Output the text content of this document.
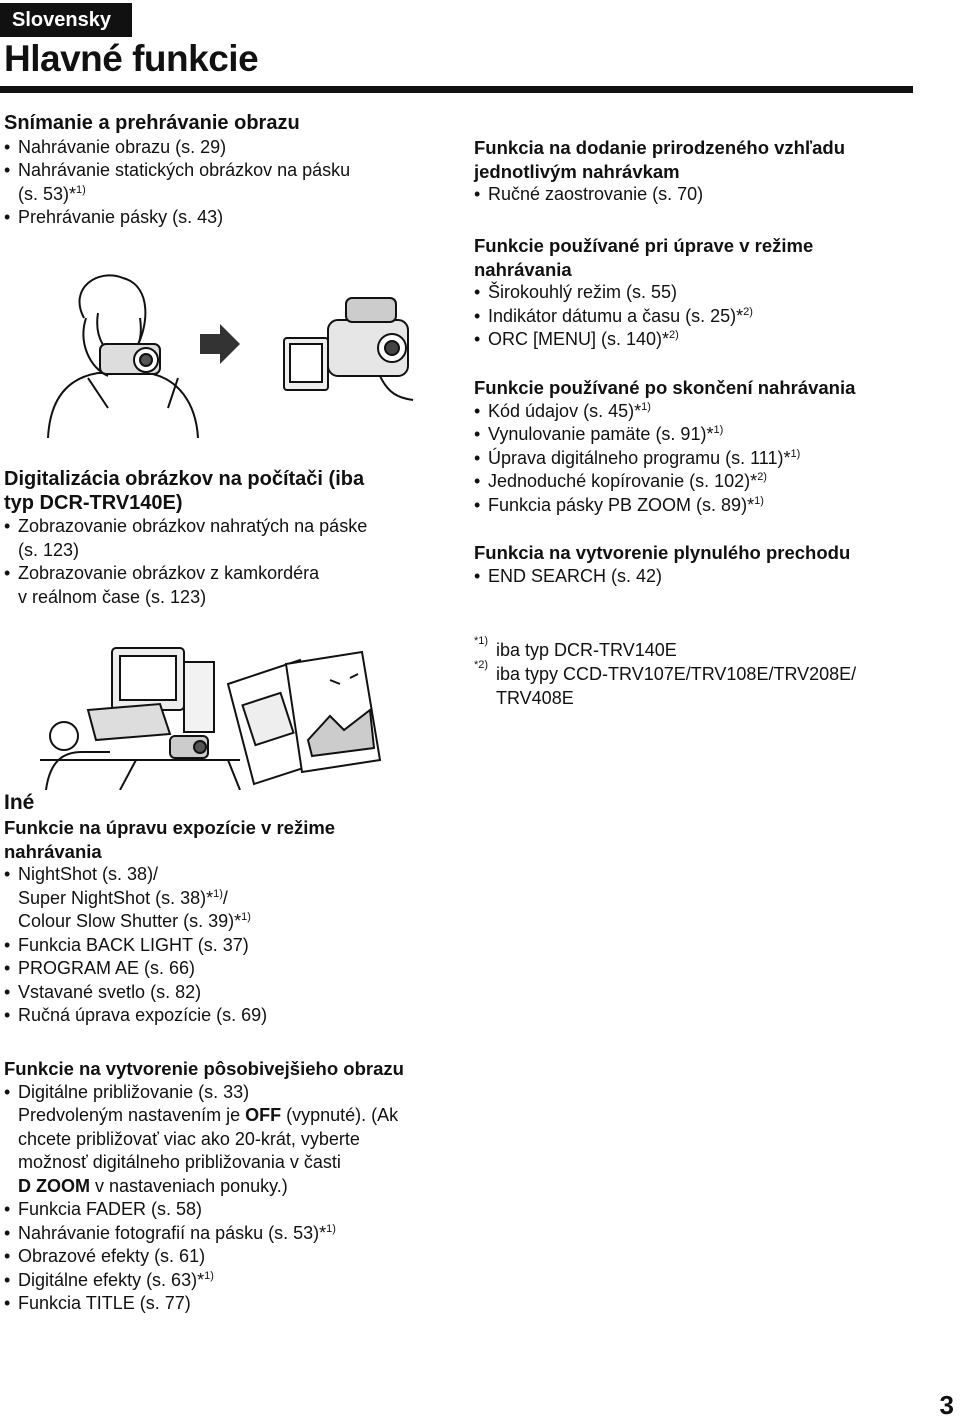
Slovensky
Hlavné funkcie
Snímanie a prehrávanie obrazu
• Nahrávanie obrazu (s. 29)
• Nahrávanie statických obrázkov na pásku
(s. 53)*$^{1)}$
• Prehrávanie pásky (s. 43)
Digitalizácia obrázkov na počítači (iba
typ DCR-TRV140E)
• Zobrazovanie obrázkov nahratých na páske
(s. 123)
• Zobrazovanie obrázkov z kamkordéra
v reálnom čase (s. 123)
Funkcia na dodanie prirodzeného vzhľadu
jednotlivým nahrávkam
• Ručné zaostrovanie (s. 70)
Funkcie používané pri úprave v režime
nahrávania
• Širokouhlý režim (s. 55)
• Indikátor dátumu a času (s. 25)*$^{2)}$
• ORC [MENU] (s. 140)*$^{2)}$
Funkcie používané po skončení nahrávania
• Kód údajov (s. 45)*$^{1)}$
• Vynulovanie pamäte (s. 91)*$^{1)}$
• Úprava digitálneho programu (s. 111)*$^{1)}$
• Jednoduché kopírovanie (s. 102)*$^{2)}$
• Funkcia pásky PB ZOOM (s. 89)*$^{1)}$
Funkcia na vytvorenie plynulého prechodu
• END SEARCH (s. 42)
*1) iba typ DCR-TRV140E
*2) iba typy CCD-TRV107E/TRV108E/TRV208E/
TRV408E
Iné
Funkcie na úpravu expozície v režime
nahrávania
• NightShot (s. 38)/
Super NightShot (s. 38)*$^{1)}$/
Colour Slow Shutter (s. 39)*$^{1)}$
• Funkcia BACK LIGHT (s. 37)
• PROGRAM AE (s. 66)
• Vstavané svetlo (s. 82)
• Ručná úprava expozície (s. 69)
Funkcie na vytvorenie pôsobivejšieho obrazu
• Digitálne približovanie (s. 33)
Predvoleným nastavením je OFF (vypnuté). (Ak
chcete približovať viac ako 20-krát, vyberte
možnosť digitálneho približovania v časti
D ZOOM v nastaveniach ponuky.)
• Funkcia FADER (s. 58)
• Nahrávanie fotografií na pásku (s. 53)*$^{1)}$
• Obrazové efekty (s. 61)
• Digitálne efekty (s. 63)*$^{1)}$
• Funkcia TITLE (s. 77)
3
